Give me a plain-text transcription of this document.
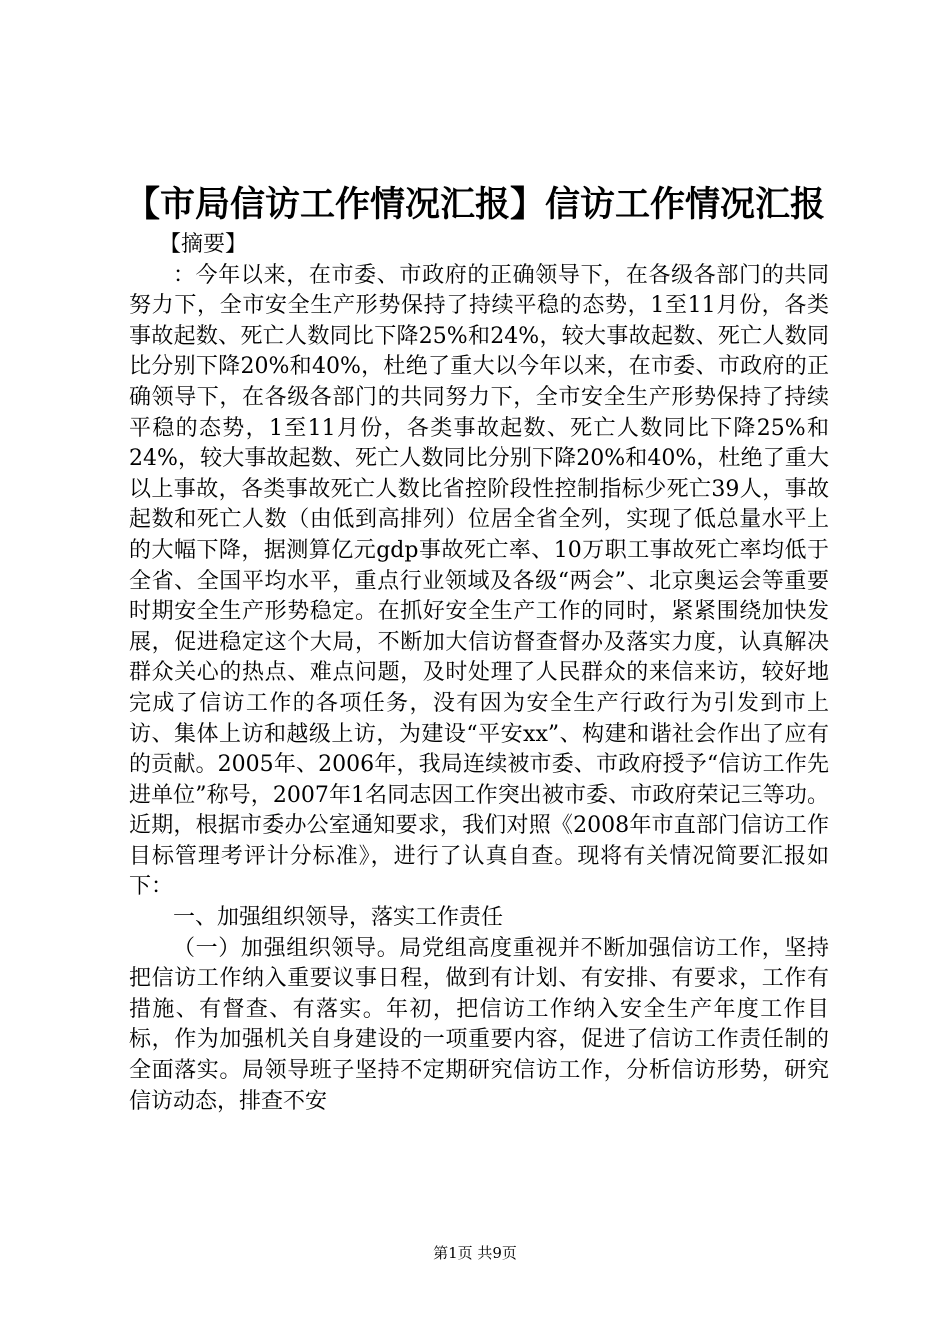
【市局信访工作情况汇报】信访工作情况汇报

【摘要】

：今年以来，在市委、市政府的正确领导下，在各级各部门的共同努力下，全市安全生产形势保持了持续平稳的态势，1至11月份，各类事故起数、死亡人数同比下降25%和24%，较大事故起数、死亡人数同比分别下降20%和40%，杜绝了重大以今年以来，在市委、市政府的正确领导下，在各级各部门的共同努力下，全市安全生产形势保持了持续平稳的态势，1至11月份，各类事故起数、死亡人数同比下降25%和24%，较大事故起数、死亡人数同比分别下降20%和40%，杜绝了重大以上事故，各类事故死亡人数比省控阶段性控制指标少死亡39人，事故起数和死亡人数（由低到高排列）位居全省全列，实现了低总量水平上的大幅下降，据测算亿元gdp事故死亡率、10万职工事故死亡率均低于全省、全国平均水平，重点行业领域及各级“两会”、北京奥运会等重要时期安全生产形势稳定。在抓好安全生产工作的同时，紧紧围绕加快发展，促进稳定这个大局，不断加大信访督查督办及落实力度，认真解决群众关心的热点、难点问题，及时处理了人民群众的来信来访，较好地完成了信访工作的各项任务，没有因为安全生产行政行为引发到市上访、集体上访和越级上访，为建设“平安xx”、构建和谐社会作出了应有的贡献。2005年、2006年，我局连续被市委、市政府授予“信访工作先进单位”称号，2007年1名同志因工作突出被市委、市政府荣记三等功。近期，根据市委办公室通知要求，我们对照《2008年市直部门信访工作目标管理考评计分标准》，进行了认真自查。现将有关情况简要汇报如下：

一、加强组织领导，落实工作责任

（一）加强组织领导。局党组高度重视并不断加强信访工作，坚持把信访工作纳入重要议事日程，做到有计划、有安排、有要求，工作有措施、有督查、有落实。年初，把信访工作纳入安全生产年度工作目标，作为加强机关自身建设的一项重要内容，促进了信访工作责任制的全面落实。局领导班子坚持不定期研究信访工作，分析信访形势，研究信访动态，排查不安

第1页 共9页
